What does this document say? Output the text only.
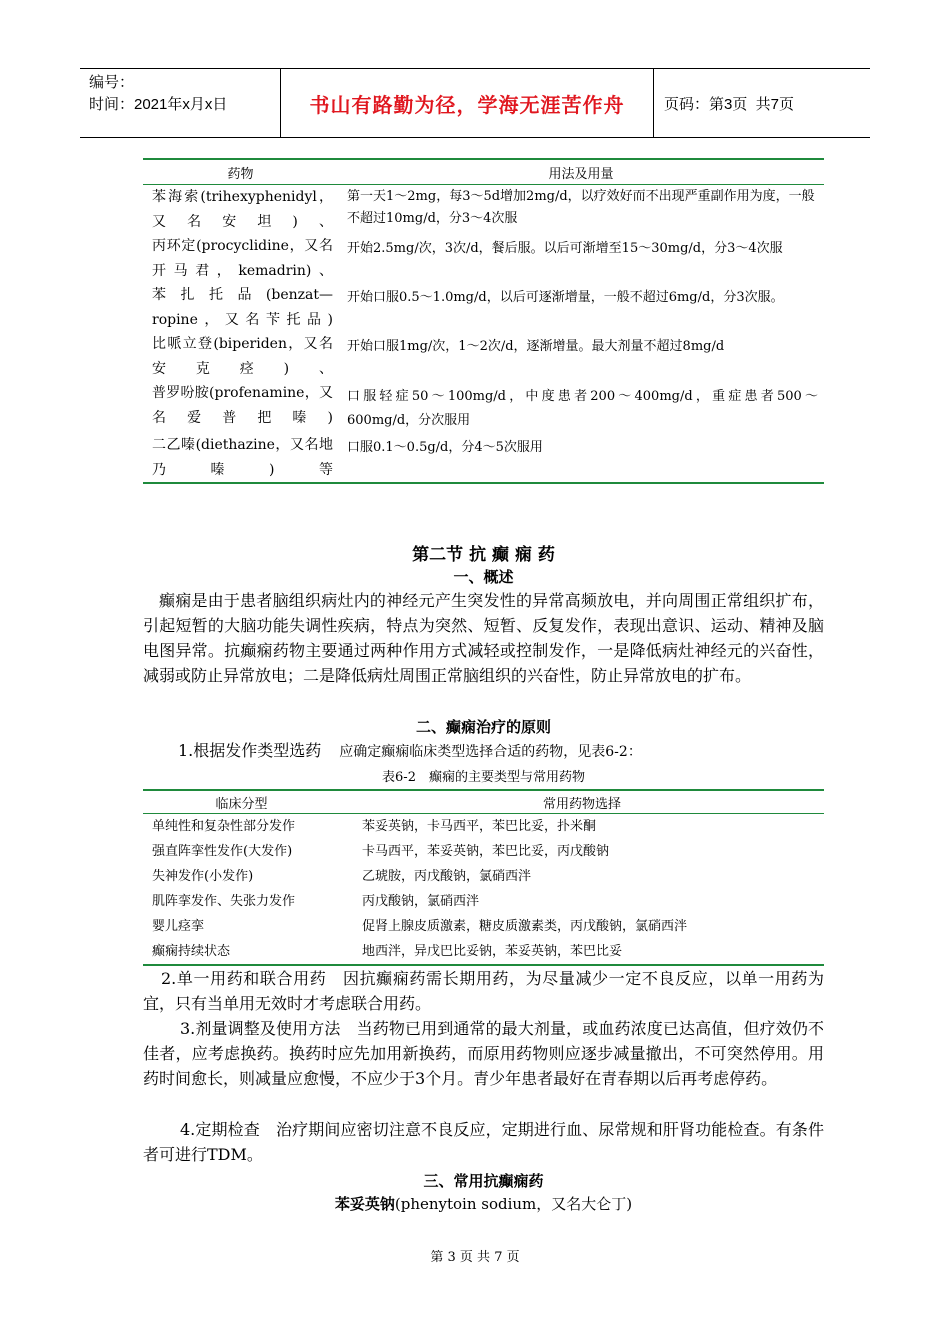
编号：
时间：2021年x月x日	书山有路勤为径，学海无涯苦作舟	页码：第3页  共7页
药物	用法及用量
苯海索(trihexyphenidyl，又名安坦)、	第一天1～2mg，每3～5d增加2mg/d，以疗效好而不出现严重副作用为度，一般不超过10mg/d，分3～4次服
丙环定(procyclidine，又名开马君，kemadrin)、	开始2.5mg/次，3次/d，餐后服。以后可渐增至15～30mg/d，分3～4次服
苯扎托品(benzat—ropine，又名苄托品)	开始口服0.5～1.0mg/d，以后可逐渐增量，一般不超过6mg/d，分3次服。
比哌立登(biperiden，又名安克痉)、	开始口服1mg/次，1～2次/d，逐渐增量。最大剂量不超过8mg/d
普罗吩胺(profenamine，又名爱普把嗪)	口服轻症50～100mg/d，中度患者200～400mg/d，重症患者500～600mg/d，分次服用
二乙嗪(diethazine，又名地乃嗪)等	口服0.1～0.5g/d，分4～5次服用
第二节 抗 癫 痫 药
一、概述
癫痫是由于患者脑组织病灶内的神经元产生突发性的异常高频放电，并向周围正常组织扩布，引起短暂的大脑功能失调性疾病，特点为突然、短暂、反复发作，表现出意识、运动、精神及脑电图异常。抗癫痫药物主要通过两种作用方式减轻或控制发作，一是降低病灶神经元的兴奋性，减弱或防止异常放电；二是降低病灶周围正常脑组织的兴奋性，防止异常放电的扩布。
二、癫痫治疗的原则
1.根据发作类型选药 应确定癫痫临床类型选择合适的药物，见表6-2：
表6-2　癫痫的主要类型与常用药物
临床分型	常用药物选择
单纯性和复杂性部分发作	苯妥英钠，卡马西平，苯巴比妥，扑米酮
强直阵挛性发作(大发作)	卡马西平，苯妥英钠，苯巴比妥，丙戊酸钠
失神发作(小发作)	乙琥胺，丙戊酸钠，氯硝西泮
肌阵挛发作、失张力发作	丙戊酸钠，氯硝西泮
婴儿痉挛	促肾上腺皮质激素，糖皮质激素类，丙戊酸钠，氯硝西泮
癫痫持续状态	地西泮，异戊巴比妥钠，苯妥英钠，苯巴比妥
2.单一用药和联合用药　因抗癫痫药需长期用药，为尽量减少一定不良反应，以单一用药为宜，只有当单用无效时才考虑联合用药。
3.剂量调整及使用方法　当药物已用到通常的最大剂量，或血药浓度已达高值，但疗效仍不佳者，应考虑换药。换药时应先加用新换药，而原用药物则应逐步减量撤出，不可突然停用。用药时间愈长，则减量应愈慢，不应少于3个月。青少年患者最好在青春期以后再考虑停药。
4.定期检查　治疗期间应密切注意不良反应，定期进行血、尿常规和肝肾功能检查。有条件者可进行TDM。
三、常用抗癫痫药
苯妥英钠(phenytoin sodium，又名大仑丁)
第 3 页 共 7 页
